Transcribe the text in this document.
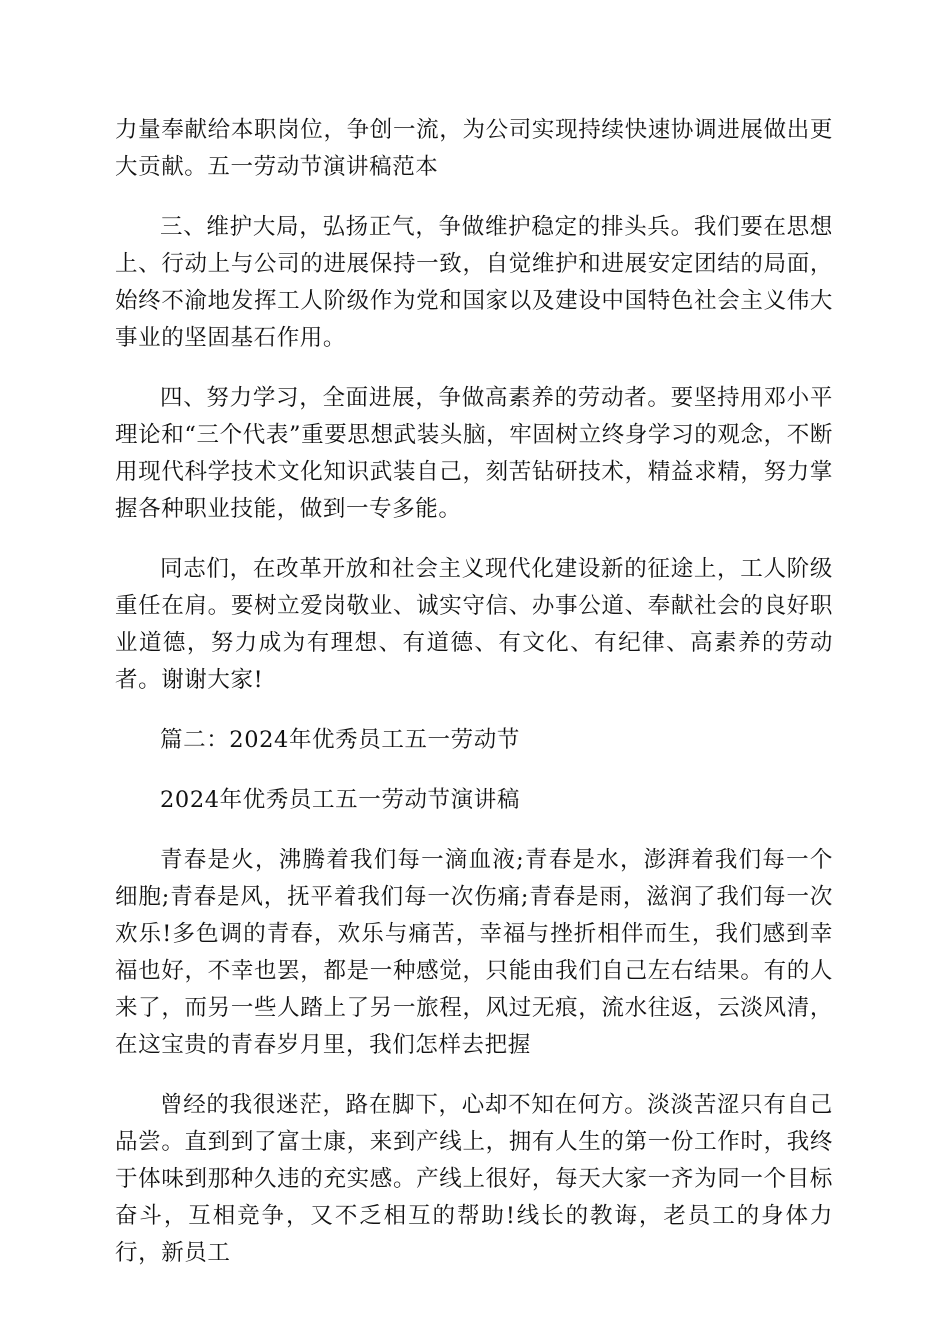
力量奉献给本职岗位，争创一流，为公司实现持续快速协调进展做出更大贡献。五一劳动节演讲稿范本

三、维护大局，弘扬正气，争做维护稳定的排头兵。我们要在思想上、行动上与公司的进展保持一致，自觉维护和进展安定团结的局面，始终不渝地发挥工人阶级作为党和国家以及建设中国特色社会主义伟大事业的坚固基石作用。

四、努力学习，全面进展，争做高素养的劳动者。要坚持用邓小平理论和“三个代表”重要思想武装头脑，牢固树立终身学习的观念，不断用现代科学技术文化知识武装自己，刻苦钻研技术，精益求精，努力掌握各种职业技能，做到一专多能。

同志们，在改革开放和社会主义现代化建设新的征途上，工人阶级重任在肩。要树立爱岗敬业、诚实守信、办事公道、奉献社会的良好职业道德，努力成为有理想、有道德、有文化、有纪律、高素养的劳动者。谢谢大家!

篇二：2024年优秀员工五一劳动节

2024年优秀员工五一劳动节演讲稿

青春是火，沸腾着我们每一滴血液;青春是水，澎湃着我们每一个细胞;青春是风，抚平着我们每一次伤痛;青春是雨，滋润了我们每一次欢乐!多色调的青春，欢乐与痛苦，幸福与挫折相伴而生，我们感到幸福也好，不幸也罢，都是一种感觉，只能由我们自己左右结果。有的人来了，而另一些人踏上了另一旅程，风过无痕，流水往返，云淡风清，在这宝贵的青春岁月里，我们怎样去把握

曾经的我很迷茫，路在脚下，心却不知在何方。淡淡苦涩只有自己品尝。直到到了富士康，来到产线上，拥有人生的第一份工作时，我终于体味到那种久违的充实感。产线上很好，每天大家一齐为同一个目标奋斗，互相竞争，又不乏相互的帮助!线长的教诲，老员工的身体力行，新员工
